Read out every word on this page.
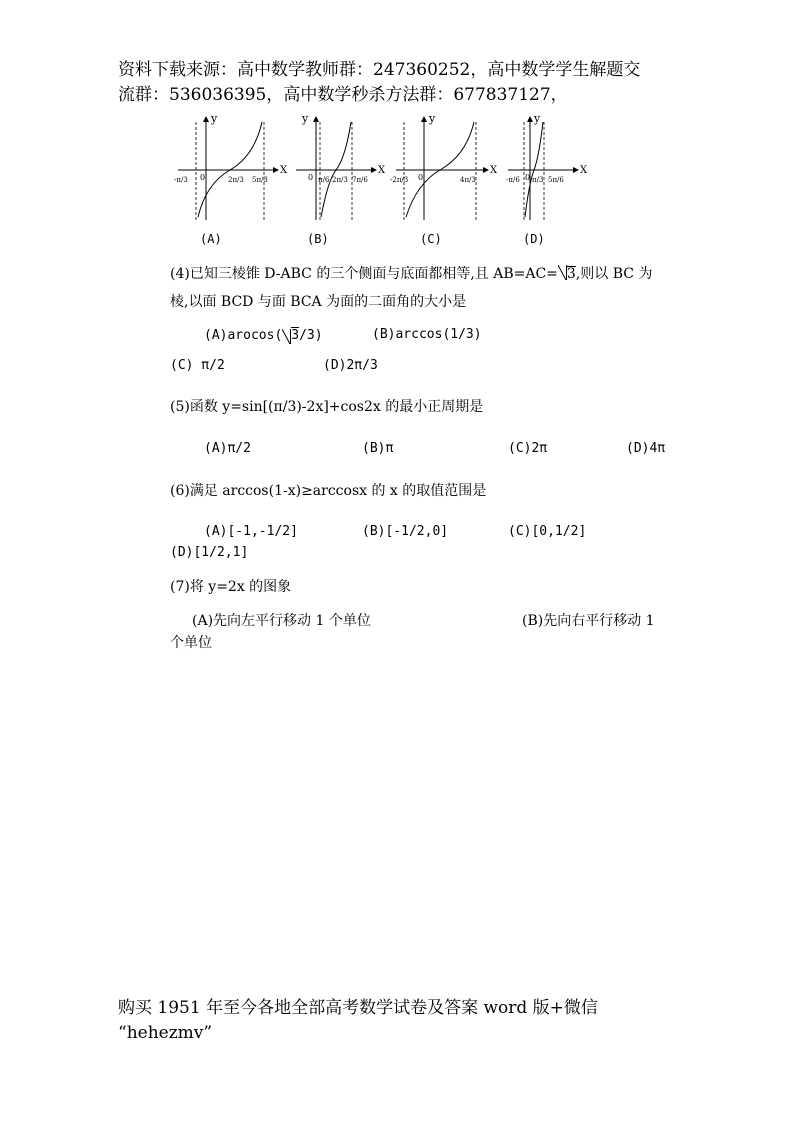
资料下载来源：高中数学教师群：247360252，高中数学学生解题交

流群：536036395，高中数学秒杀方法群：677837127，

y
X
0
-π/3	2π/3 5π/3
y
X
0 π/6 2π/3 7π/6
y
X
0
-2π/3	4π/3
y
X
0
-π/6 π/3 5π/6
(A)	(B)	(C)	(D)
(4)已知三棱锥 D-ABC 的三个侧面与底面都相等,且 AB=AC= 3,则以 BC 为
棱,以面 BCD 与面 BCA 为面的二面角的大小是
(A)arocos( 3/3)	(B)arccos(1/3)
(C) π/2	(D)2π/3
(5)函数 y=sin[(π/3)-2x]+cos2x 的最小正周期是
(A)π/2	(B)π	(C)2π	(D)4π
(6)满足 arccos(1-x)≥arccosx 的 x 的取值范围是
(A)[-1,-1/2]	(B)[-1/2,0]	(C)[0,1/2]
(D)[1/2,1]
(7)将 y=2x 的图象
(A)先向左平行移动 1 个单位	(B)先向右平行移动 1
个单位

购买 1951 年至今各地全部高考数学试卷及答案 word 版+微信

“hehezmv”
